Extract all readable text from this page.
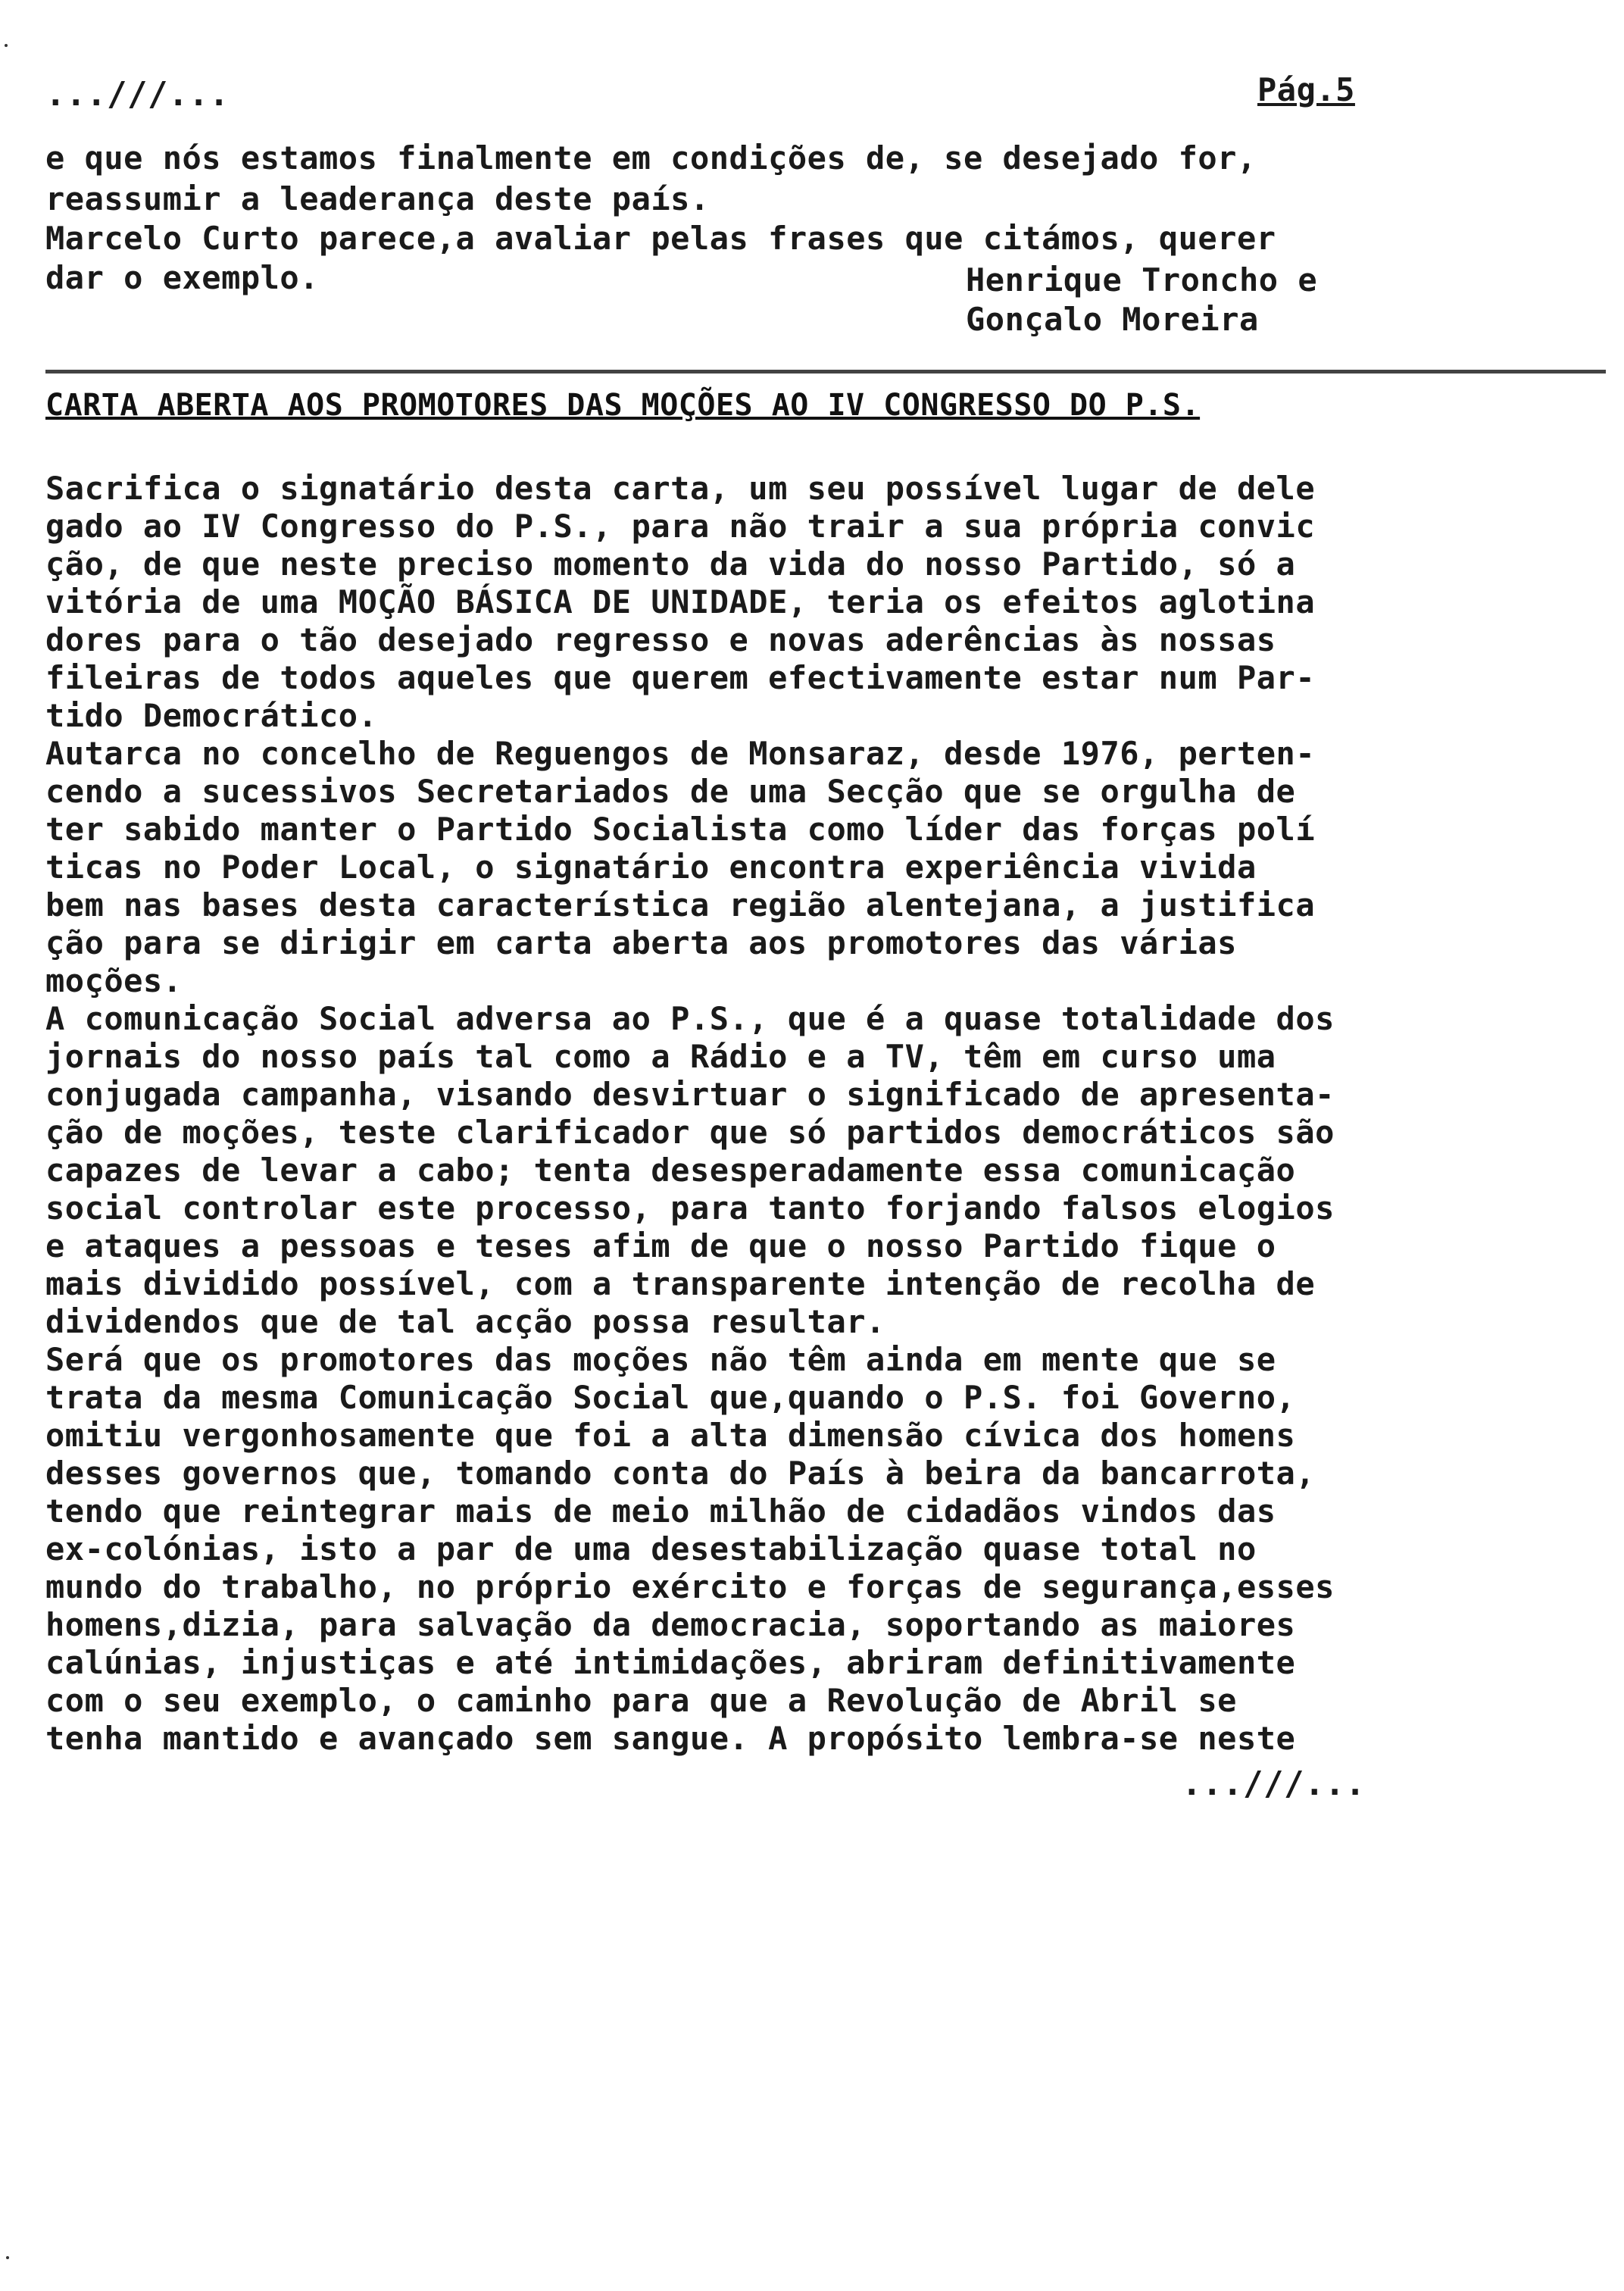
...///...	Pág.5
e que nós estamos finalmente em condições de, se desejado for,
reassumir a leaderança deste país.
Marcelo Curto parece,a avaliar pelas frases que citámos, querer
dar o exemplo.	Henrique Troncho e
Gonçalo Moreira
CARTA ABERTA AOS PROMOTORES DAS MOÇÕES AO IV CONGRESSO DO P.S.
Sacrifica o signatário desta carta, um seu possível lugar de dele
gado ao IV Congresso do P.S., para não trair a sua própria convic
ção, de que neste preciso momento da vida do nosso Partido, só a
vitória de uma MOÇÃO BÁSICA DE UNIDADE, teria os efeitos aglotina
dores para o tão desejado regresso e novas aderências às nossas
fileiras de todos aqueles que querem efectivamente estar num Par-
tido Democrático.
Autarca no concelho de Reguengos de Monsaraz, desde 1976, perten-
cendo a sucessivos Secretariados de uma Secção que se orgulha de
ter sabido manter o Partido Socialista como líder das forças polí
ticas no Poder Local, o signatário encontra experiência vivida
bem nas bases desta característica região alentejana, a justifica
ção para se dirigir em carta aberta aos promotores das várias
moções.
A comunicação Social adversa ao P.S., que é a quase totalidade dos
jornais do nosso país tal como a Rádio e a TV, têm em curso uma
conjugada campanha, visando desvirtuar o significado de apresenta-
ção de moções, teste clarificador que só partidos democráticos são
capazes de levar a cabo; tenta desesperadamente essa comunicação
social controlar este processo, para tanto forjando falsos elogios
e ataques a pessoas e teses afim de que o nosso Partido fique o
mais dividido possível, com a transparente intenção de recolha de
dividendos que de tal acção possa resultar.
Será que os promotores das moções não têm ainda em mente que se
trata da mesma Comunicação Social que,quando o P.S. foi Governo,
omitiu vergonhosamente que foi a alta dimensão cívica dos homens
desses governos que, tomando conta do País à beira da bancarrota,
tendo que reintegrar mais de meio milhão de cidadãos vindos das
ex-colónias, isto a par de uma desestabilização quase total no
mundo do trabalho, no próprio exército e forças de segurança,esses
homens,dizia, para salvação da democracia, soportando as maiores
calúnias, injustiças e até intimidações, abriram definitivamente
com o seu exemplo, o caminho para que a Revolução de Abril se
tenha mantido e avançado sem sangue. A propósito lembra-se neste
...///...
